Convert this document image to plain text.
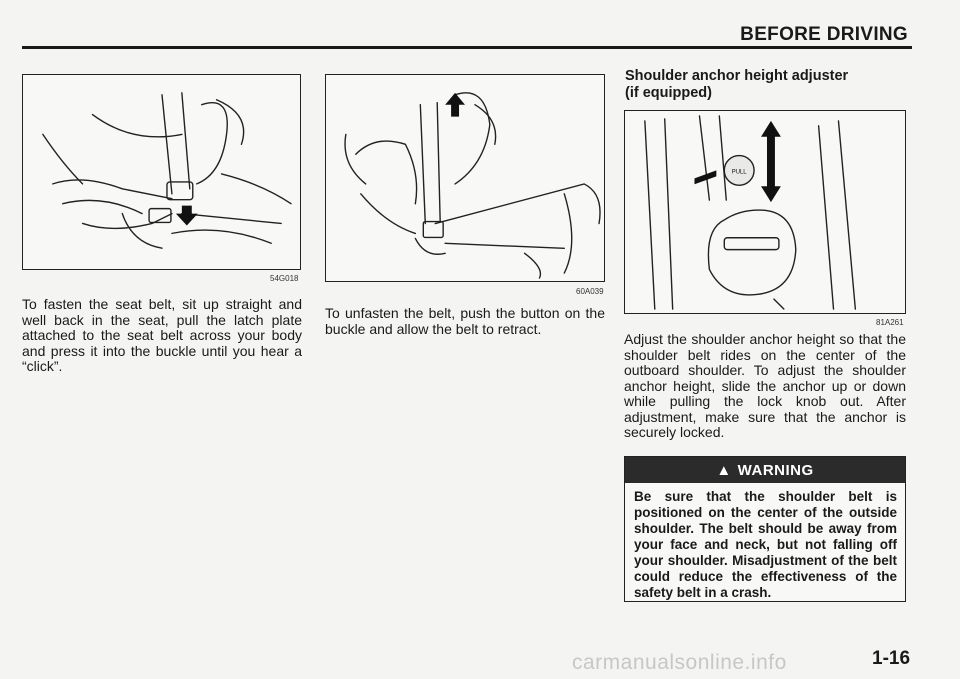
BEFORE DRIVING
54G018

To fasten the seat belt, sit up straight and well back in the seat, pull the latch plate attached to the seat belt across your body and press it into the buckle until you hear a “click”.

60A039

To unfasten the belt, push the button on the buckle and allow the belt to retract.

Shoulder anchor height adjuster
(if equipped)
PULL
81A261

Adjust the shoulder anchor height so that the shoulder belt rides on the center of the outboard shoulder. To adjust the shoulder anchor height, slide the anchor up or down while pulling the lock knob out. After adjustment, make sure that the anchor is securely locked.

▲ WARNING

Be sure that the shoulder belt is positioned on the center of the outside shoulder. The belt should be away from your face and neck, but not falling off your shoulder. Misadjustment of the belt could reduce the effectiveness of the safety belt in a crash.

carmanualsonline.info	1-16
